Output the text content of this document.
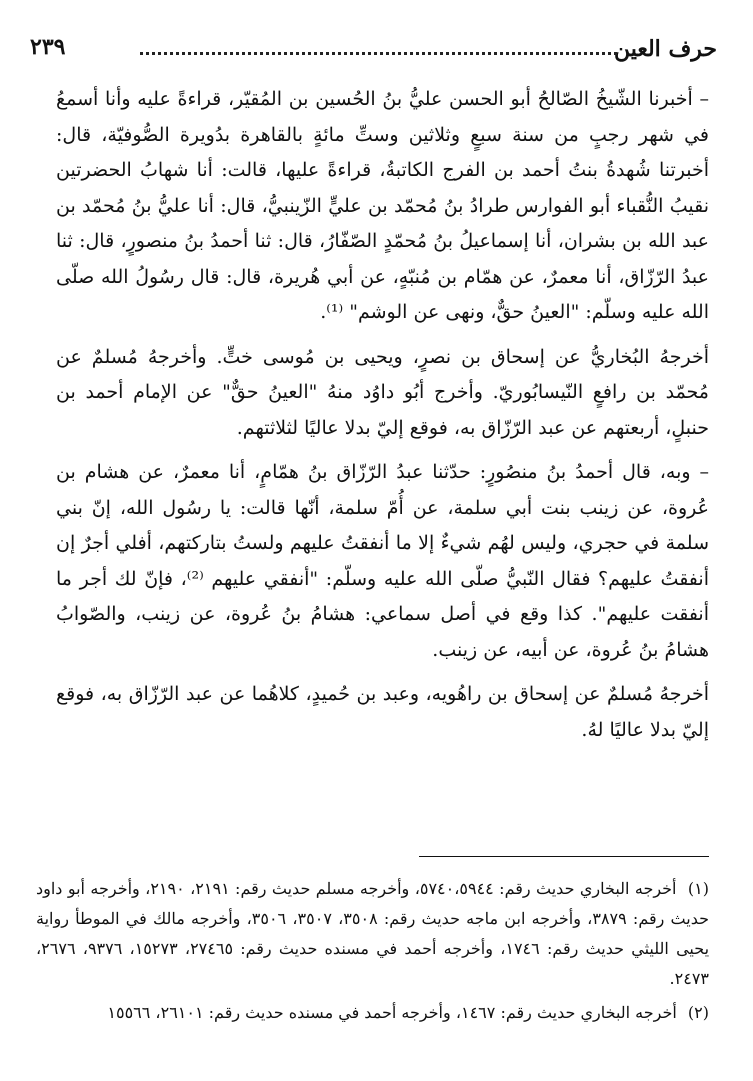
حرف العين
٢٣٩

– أخبرنا الشّيخُ الصّالحُ أبو الحسن عليُّ بنُ الحُسين بن المُقيّر، قراءةً عليه وأنا أسمعُ في شهر رجبٍ من سنة سبعٍ وثلاثين وستِّ مائةٍ بالقاهرة بدُويرة الصُّوفيّة، قال: أخبرتنا شُهدةُ بنتُ أحمد بن الفرج الكاتبةُ، قراءةً عليها، قالت: أنا شهابُ الحضرتين نقيبُ النُّقباء أبو الفوارس طرادُ بنُ مُحمّد بن عليٍّ الزّينبيُّ، قال: أنا عليُّ بنُ مُحمّد بن عبد الله بن بشران، أنا إسماعيلُ بنُ مُحمّدٍ الصّفّارُ، قال: ثنا أحمدُ بنُ منصورٍ، قال: ثنا عبدُ الرّزّاق، أنا معمرٌ، عن همّام بن مُنبّهٍ، عن أبي هُريرة، قال: قال رسُولُ الله صلّى الله عليه وسلّم: "العينُ حقٌّ، ونهى عن الوشم" ⁽¹⁾.

أخرجهُ البُخاريُّ عن إسحاق بن نصرٍ، ويحيى بن مُوسى ختٍّ. وأخرجهُ مُسلمٌ عن مُحمّد بن رافعٍ النّيسابُوريّ. وأخرج أبُو داوُد منهُ "العينُ حقٌّ" عن الإمام أحمد بن حنبلٍ، أربعتهم عن عبد الرّزّاق به، فوقع إليّ بدلا عاليًا لثلاثتهم.

– وبه، قال أحمدُ بنُ منصُورٍ: حدّثنا عبدُ الرّزّاق بنُ همّامٍ، أنا معمرٌ، عن هشام بن عُروة، عن زينب بنت أبي سلمة، عن أُمّ سلمة، أنّها قالت: يا رسُول الله، إنّ بني سلمة في حجري، وليس لهُم شيءٌ إلا ما أنفقتُ عليهم ولستُ بتاركتهم، أفلي أجرٌ إن أنفقتُ عليهم؟ فقال النّبيُّ صلّى الله عليه وسلّم: "أنفقي عليهم ⁽²⁾، فإنّ لك أجر ما أنفقت عليهم". كذا وقع في أصل سماعي: هشامُ بنُ عُروة، عن زينب، والصّوابُ هشامُ بنُ عُروة، عن أبيه، عن زينب.

أخرجهُ مُسلمٌ عن إسحاق بن راهُويه، وعبد بن حُميدٍ، كلاهُما عن عبد الرّزّاق به، فوقع إليّ بدلا عاليًا لهُ.

(١) أخرجه البخاري حديث رقم: ٥٧٤٠،٥٩٤٤، وأخرجه مسلم حديث رقم: ٢١٩١، ٢١٩٠، وأخرجه أبو داود حديث رقم: ٣٨٧٩، وأخرجه ابن ماجه حديث رقم: ٣٥٠٨، ٣٥٠٧، ٣٥٠٦، وأخرجه مالك في الموطأ رواية يحيى الليثي حديث رقم: ١٧٤٦، وأخرجه أحمد في مسنده حديث رقم: ٢٧٤٦٥، ١٥٢٧٣، ٩٣٧٦، ٢٦٧٦، ٢٤٧٣.

(٢) أخرجه البخاري حديث رقم: ١٤٦٧، وأخرجه أحمد في مسنده حديث رقم: ٢٦١٠١، ١٥٥٦٦
